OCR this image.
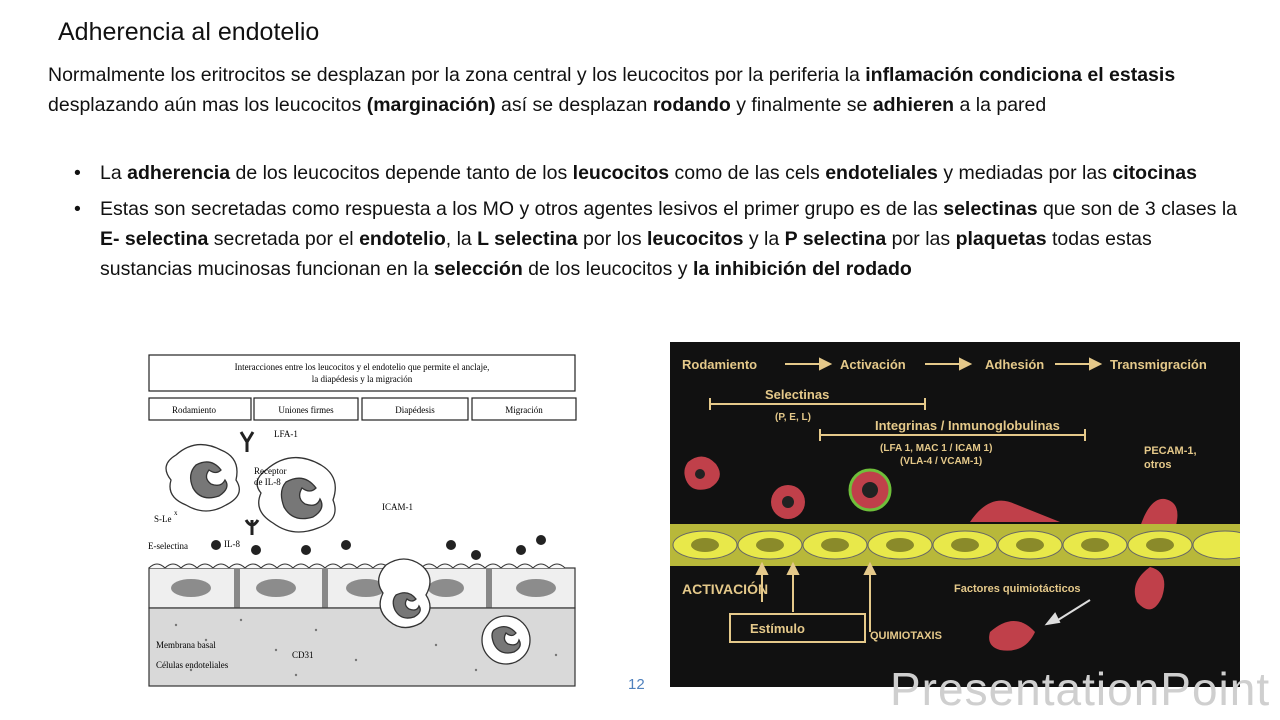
Adherencia al endotelio
Normalmente los eritrocitos se desplazan por la zona central y los leucocitos por la periferia la inflamación condiciona el estasis desplazando aún mas los leucocitos (marginación) así se desplazan rodando y finalmente se adhieren a la pared
• La adherencia de los leucocitos depende tanto de los leucocitos como de las cels endoteliales y mediadas por las citocinas
• Estas son secretadas como respuesta a los MO y otros agentes lesivos el primer grupo es de las selectinas que son de 3 clases la E- selectina secretada por el endotelio, la L selectina por los leucocitos y la P selectina por las plaquetas todas estas sustancias mucinosas funcionan en la selección de los leucocitos y la inhibición del rodado
Interacciones entre los leucocitos y el endotelio que permite el anclaje,
la diapédesis y la migración
Rodamiento	Uniones firmes	Diapédesis	Migración
LFA-1
Receptor
de IL-8
S-Le
x
ICAM-1
E-selectina	IL-8
Membrana basal
Células endoteliales
CD31
Rodamiento	Activación	Adhesión	Transmigración
Selectinas
(P, E, L)
Integrinas / Inmunoglobulinas
(LFA 1, MAC 1 / ICAM 1)
(VLA-4 / VCAM-1)
PECAM-1,
otros
Factores quimiotácticos
ACTIVACIÓN
Estímulo	QUIMIOTAXIS
PresentationPoint
12
